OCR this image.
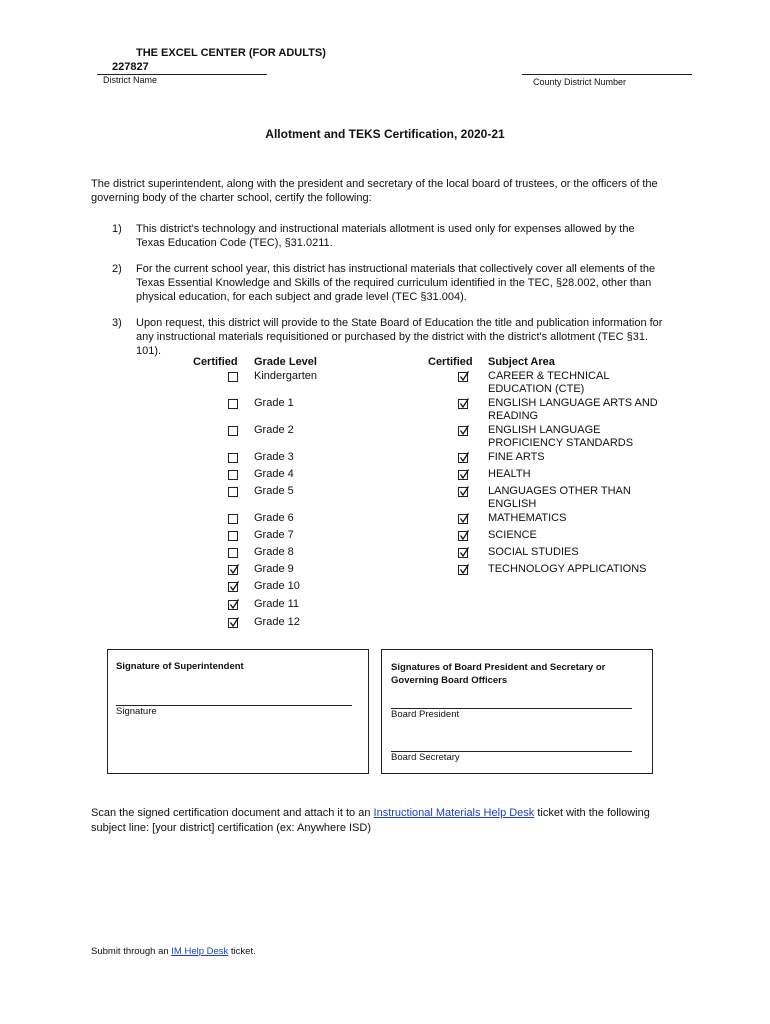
THE EXCEL CENTER (FOR ADULTS)
227827
District Name	County District Number
Allotment and TEKS Certification, 2020-21
The district superintendent, along with the president and secretary of the local board of trustees, or the officers of the
governing body of the charter school, certify the following:
1) This district's technology and instructional materials allotment is used only for expenses allowed by the
Texas Education Code (TEC), §31.0211.
2) For the current school year, this district has instructional materials that collectively cover all elements of the
Texas Essential Knowledge and Skills of the required curriculum identified in the TEC, §28.002, other than
physical education, for each subject and grade level (TEC §31.004).
3) Upon request, this district will provide to the State Board of Education the title and publication information for
any instructional materials requisitioned or purchased by the district with the district's allotment (TEC §31.
101).
Certified Grade Level	Certified Subject Area
Kindergarten
Grade 1
Grade 2
Grade 3
Grade 4
Grade 5
Grade 6
Grade 7
Grade 8
Grade 9
Grade 10
Grade 11
Grade 12
CAREER & TECHNICAL
EDUCATION (CTE)
ENGLISH LANGUAGE ARTS AND
READING
ENGLISH LANGUAGE
PROFICIENCY STANDARDS
FINE ARTS
HEALTH
LANGUAGES OTHER THAN
ENGLISH
MATHEMATICS
SCIENCE
SOCIAL STUDIES
TECHNOLOGY APPLICATIONS
Signature of Superintendent
Signature
Signatures of Board President and Secretary or
Governing Board Officers
Board President
Board Secretary
Scan the signed certification document and attach it to an Instructional Materials Help Desk ticket with the following
subject line: [your district] certification (ex: Anywhere ISD)
Submit through an IM Help Desk ticket.
